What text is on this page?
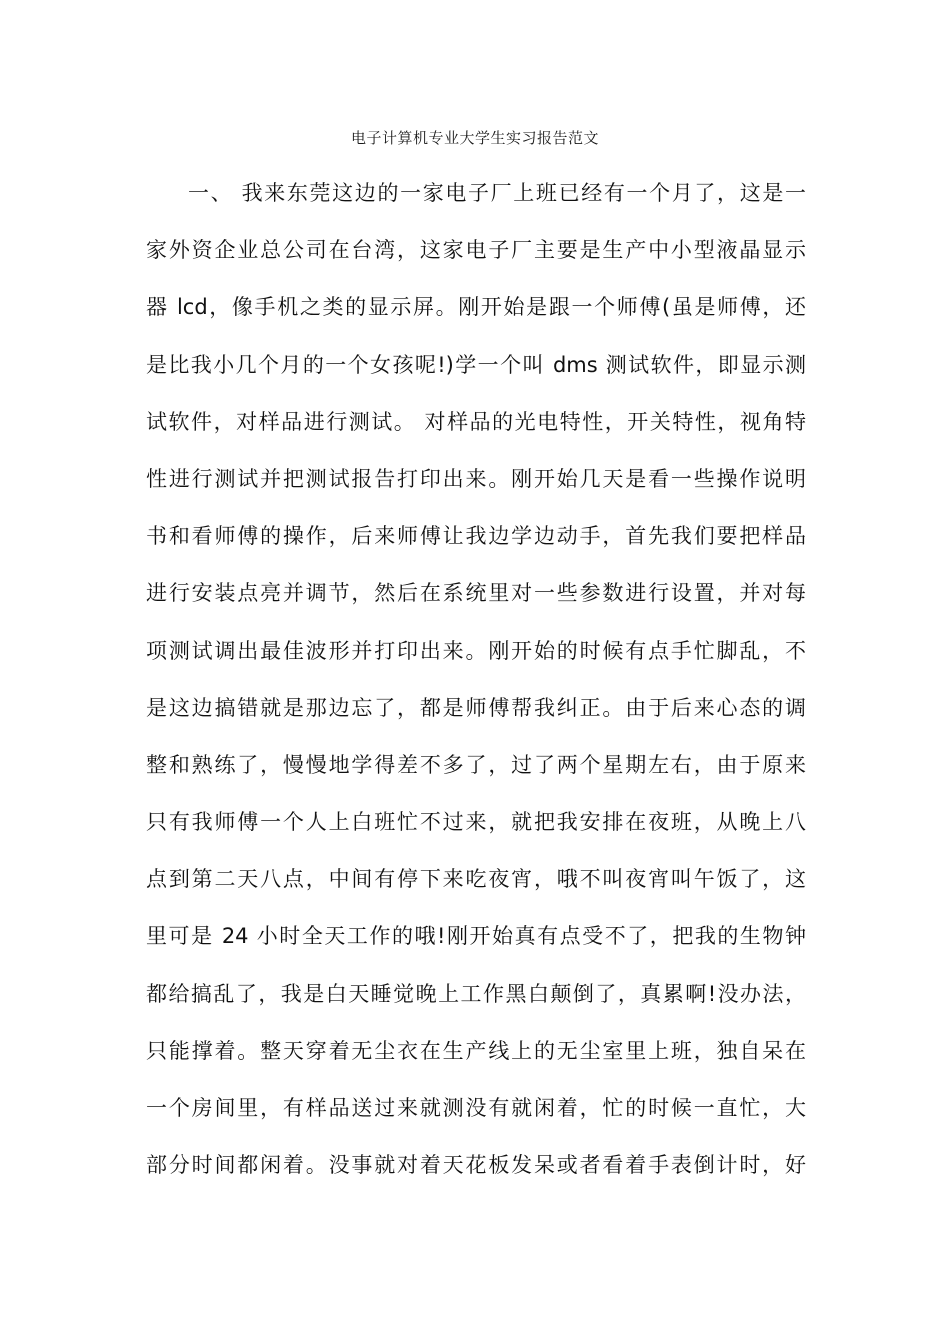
电子计算机专业大学生实习报告范文
一、 我来东莞这边的一家电子厂上班已经有一个月了，这是一
家外资企业总公司在台湾，这家电子厂主要是生产中小型液晶显示
器 lcd，像手机之类的显示屏。刚开始是跟一个师傅(虽是师傅，还
是比我小几个月的一个女孩呢!)学一个叫 dms 测试软件，即显示测
试软件，对样品进行测试。 对样品的光电特性，开关特性，视角特
性进行测试并把测试报告打印出来。刚开始几天是看一些操作说明
书和看师傅的操作，后来师傅让我边学边动手，首先我们要把样品
进行安装点亮并调节，然后在系统里对一些参数进行设置，并对每
项测试调出最佳波形并打印出来。刚开始的时候有点手忙脚乱，不
是这边搞错就是那边忘了，都是师傅帮我纠正。由于后来心态的调
整和熟练了，慢慢地学得差不多了，过了两个星期左右，由于原来
只有我师傅一个人上白班忙不过来，就把我安排在夜班，从晚上八
点到第二天八点，中间有停下来吃夜宵，哦不叫夜宵叫午饭了，这
里可是 24 小时全天工作的哦!刚开始真有点受不了，把我的生物钟
都给搞乱了，我是白天睡觉晚上工作黑白颠倒了，真累啊!没办法，
只能撑着。整天穿着无尘衣在生产线上的无尘室里上班，独自呆在
一个房间里，有样品送过来就测没有就闲着，忙的时候一直忙，大
部分时间都闲着。没事就对着天花板发呆或者看着手表倒计时，好
